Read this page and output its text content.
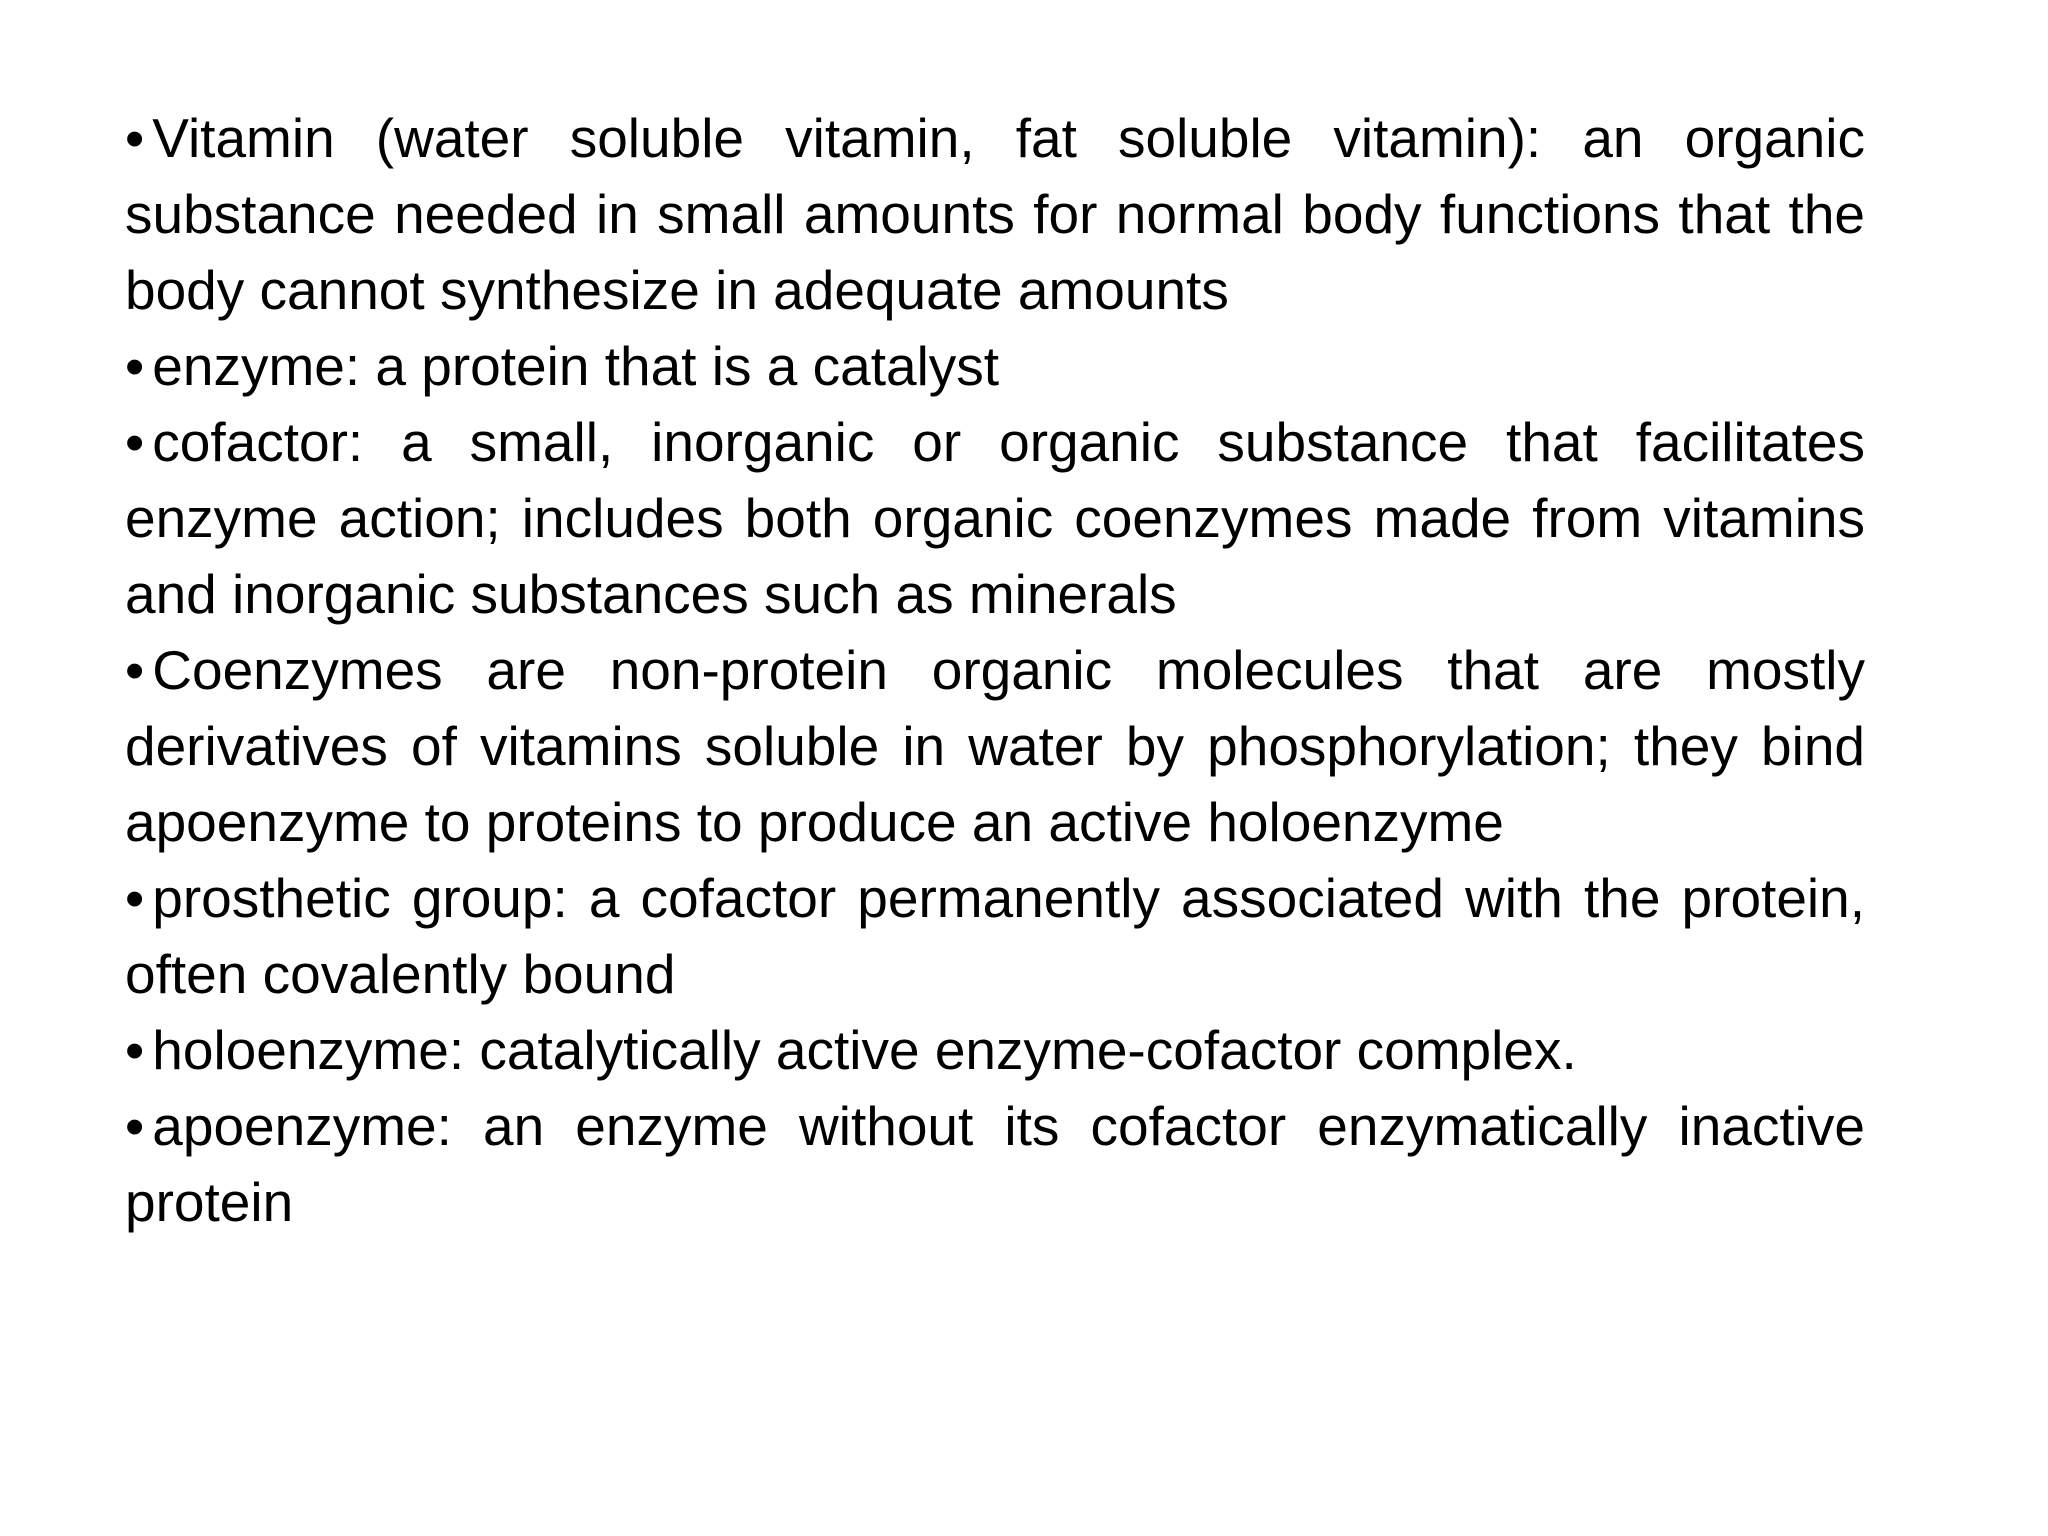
• Vitamin (water soluble vitamin, fat soluble vitamin): an organic substance needed in small amounts for normal body functions that the body cannot synthesize in adequate amounts

• enzyme: a protein that is a catalyst

• cofactor: a small, inorganic or organic substance that facilitates enzyme action; includes both organic coenzymes made from vitamins and inorganic substances such as minerals

• Coenzymes are non-protein organic molecules that are mostly derivatives of vitamins soluble in water by phosphorylation; they bind apoenzyme to proteins to produce an active holoenzyme

• prosthetic group: a cofactor permanently associated with the protein, often covalently bound

• holoenzyme: catalytically active enzyme-cofactor complex.

• apoenzyme: an enzyme without its cofactor enzymatically inactive protein
